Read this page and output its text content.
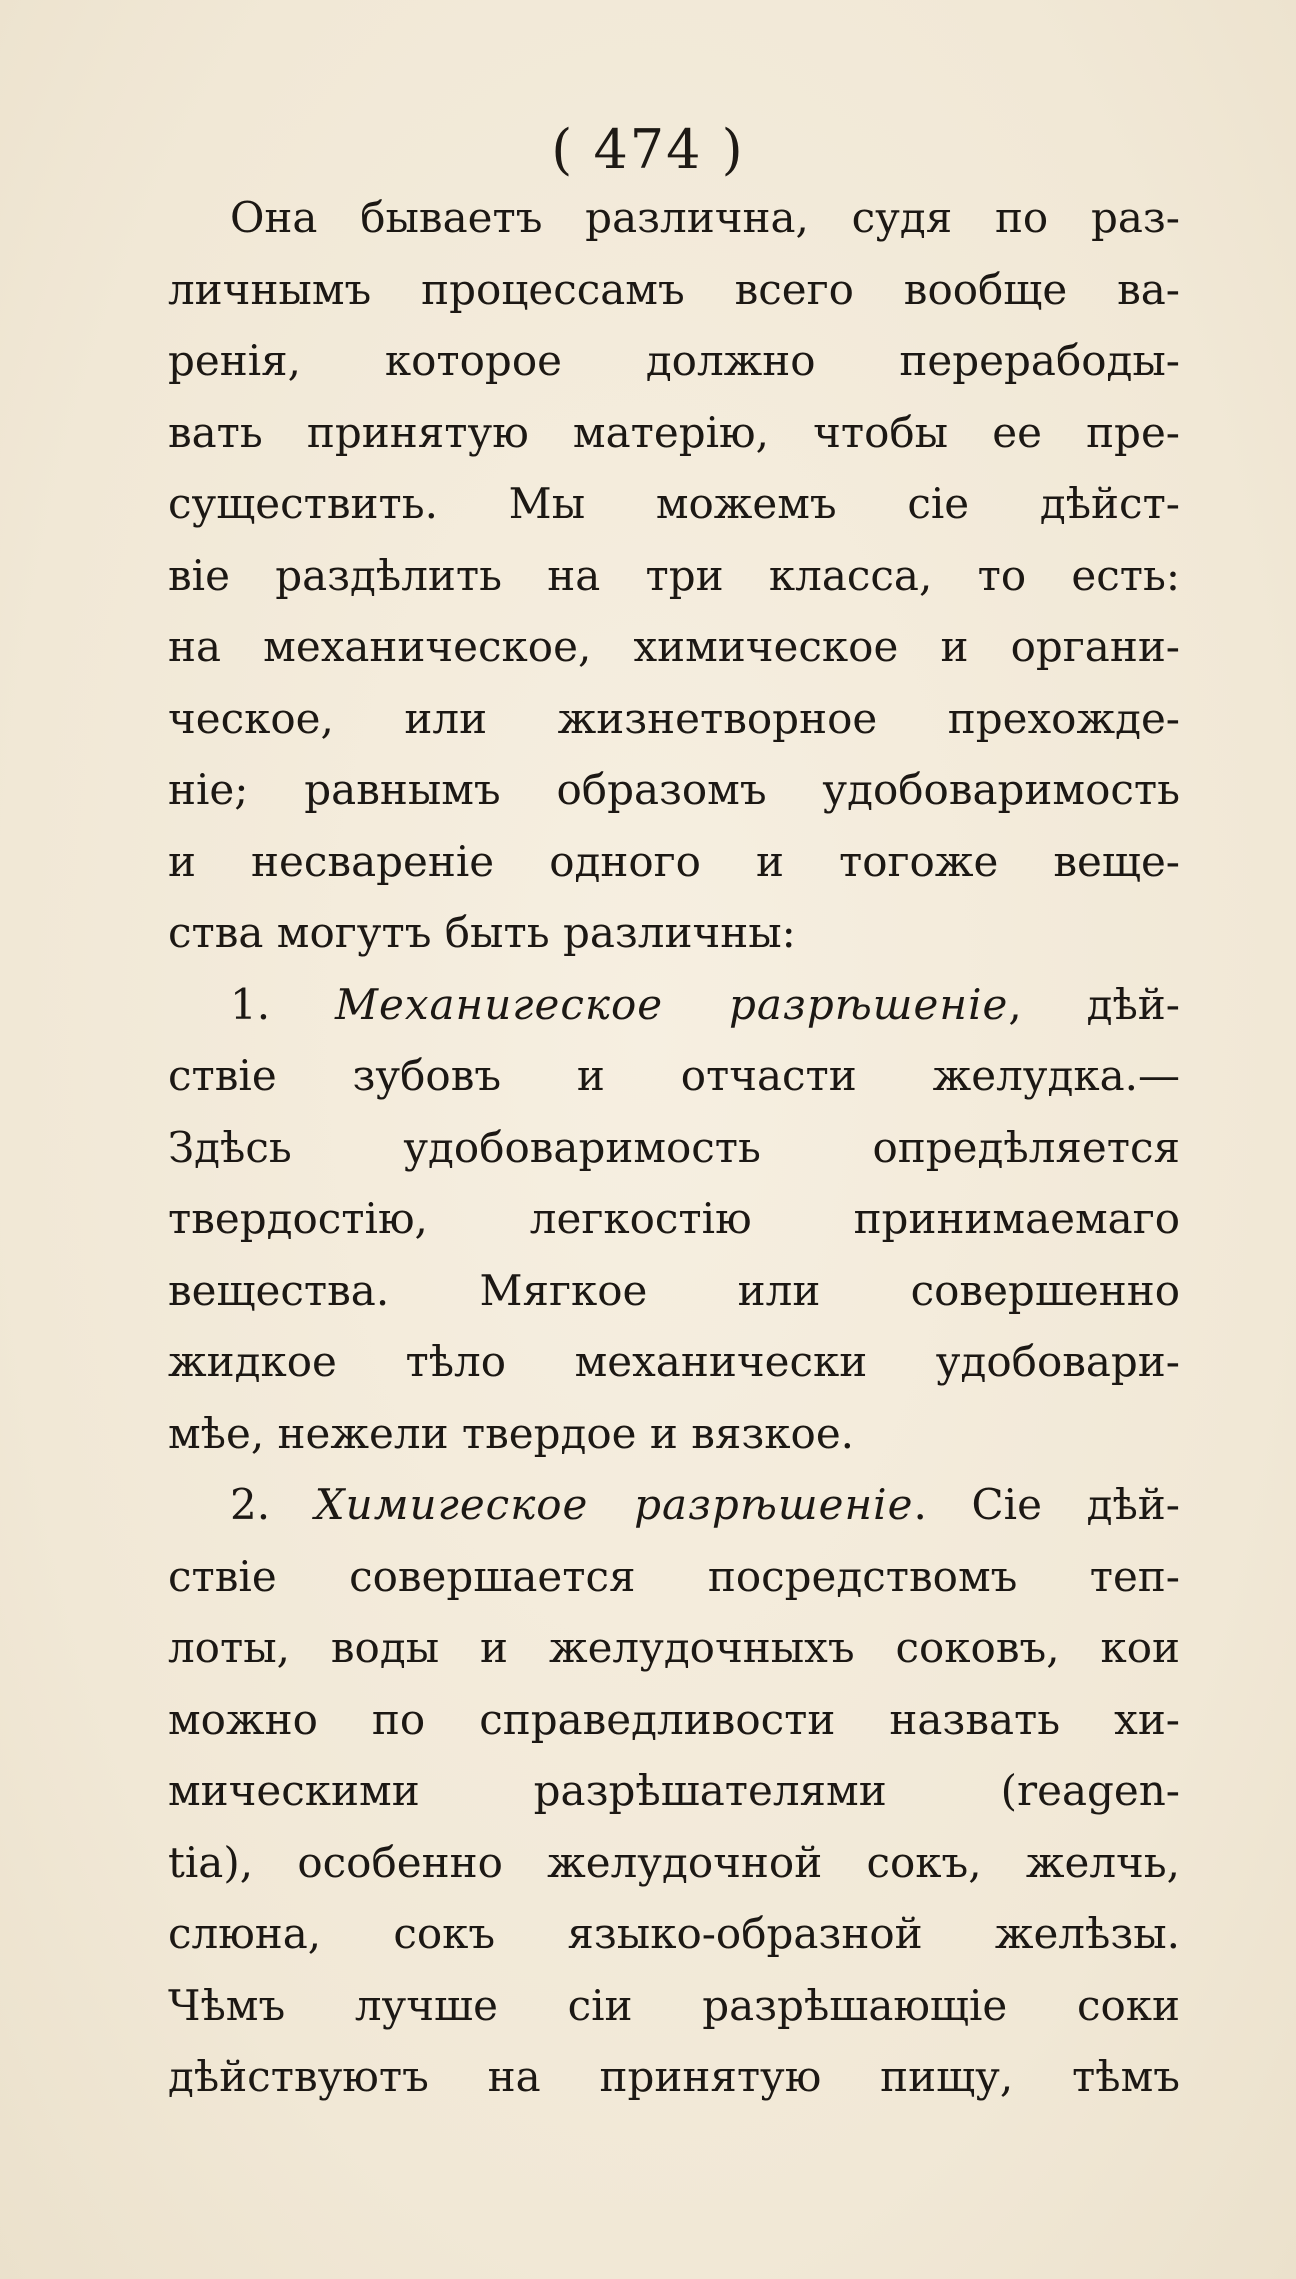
( 474 )
Она бываетъ различна, судя по раз-
личнымъ процессамъ всего вообще ва-
ренія, которое должно перерабоды-
вать принятую матерію, чтобы ее пре-
существить. Мы можемъ сіе дѣйст-
віе раздѣлить на три класса, то есть:
на механическое, химическое и органи-
ческое, или жизнетворное прехожде-
ніе; равнымъ образомъ удобоваримость
и несвареніе одного и тогоже веще-
ства могутъ быть различны:
1. Механигеское разрѣшеніе, дѣй-
ствіе зубовъ и отчасти желудка.—
Здѣсь удобоваримость опредѣляется
твердостію, легкостію принимаемаго
вещества. Мягкое или совершенно
жидкое тѣло механически удобовари-
мѣе, нежели твердое и вязкое.
2. Химигеское разрѣшеніе. Сіе дѣй-
ствіе совершается посредствомъ теп-
лоты, воды и желудочныхъ соковъ, кои
можно по справедливости назвать хи-
мическими разрѣшателями (reagen-
tia), особенно желудочной сокъ, желчь,
слюна, сокъ языко-образной желѣзы.
Чѣмъ лучше сіи разрѣшающіе соки
дѣйствуютъ на принятую пищу, тѣмъ
